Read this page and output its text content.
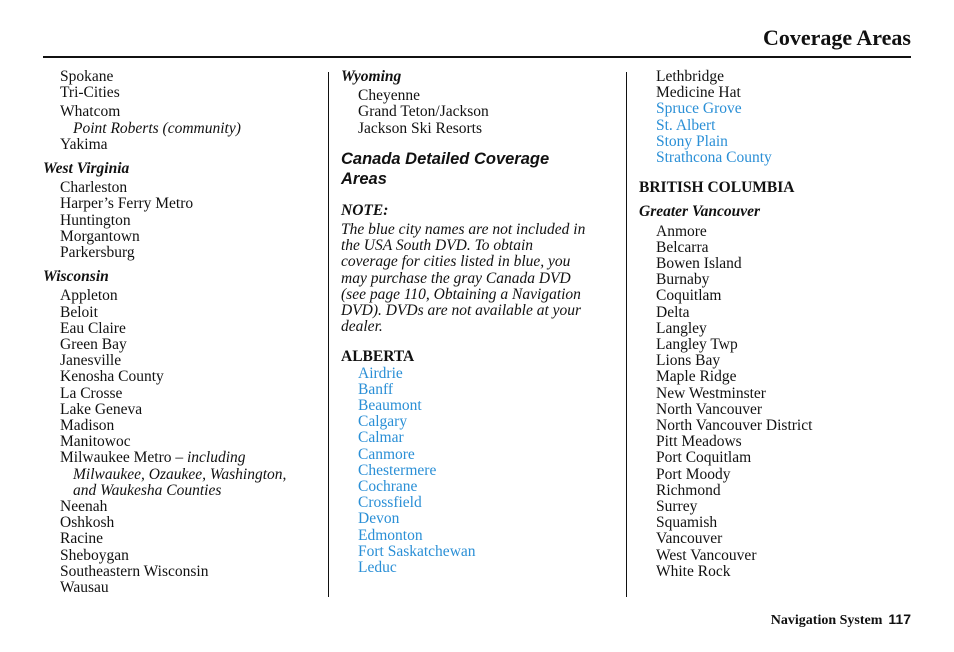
Coverage Areas
Spokane
Tri-Cities
Whatcom
Point Roberts (community)
Yakima
West Virginia
Charleston
Harper’s Ferry Metro
Huntington
Morgantown
Parkersburg
Wisconsin
Appleton
Beloit
Eau Claire
Green Bay
Janesville
Kenosha County
La Crosse
Lake Geneva
Madison
Manitowoc
Milwaukee Metro – including
Milwaukee, Ozaukee, Washington,
and Waukesha Counties
Neenah
Oshkosh
Racine
Sheboygan
Southeastern Wisconsin
Wausau
Wyoming
Cheyenne
Grand Teton/Jackson
Jackson Ski Resorts
Canada Detailed Coverage
Areas
NOTE:
The blue city names are not included in
the USA South DVD. To obtain
coverage for cities listed in blue, you
may purchase the gray Canada DVD
(see page 110, Obtaining a Navigation
DVD). DVDs are not available at your
dealer.
ALBERTA
Airdrie
Banff
Beaumont
Calgary
Calmar
Canmore
Chestermere
Cochrane
Crossfield
Devon
Edmonton
Fort Saskatchewan
Leduc
Lethbridge
Medicine Hat
Spruce Grove
St. Albert
Stony Plain
Strathcona County
BRITISH COLUMBIA
Greater Vancouver
Anmore
Belcarra
Bowen Island
Burnaby
Coquitlam
Delta
Langley
Langley Twp
Lions Bay
Maple Ridge
New Westminster
North Vancouver
North Vancouver District
Pitt Meadows
Port Coquitlam
Port Moody
Richmond
Surrey
Squamish
Vancouver
West Vancouver
White Rock
Navigation System 117
